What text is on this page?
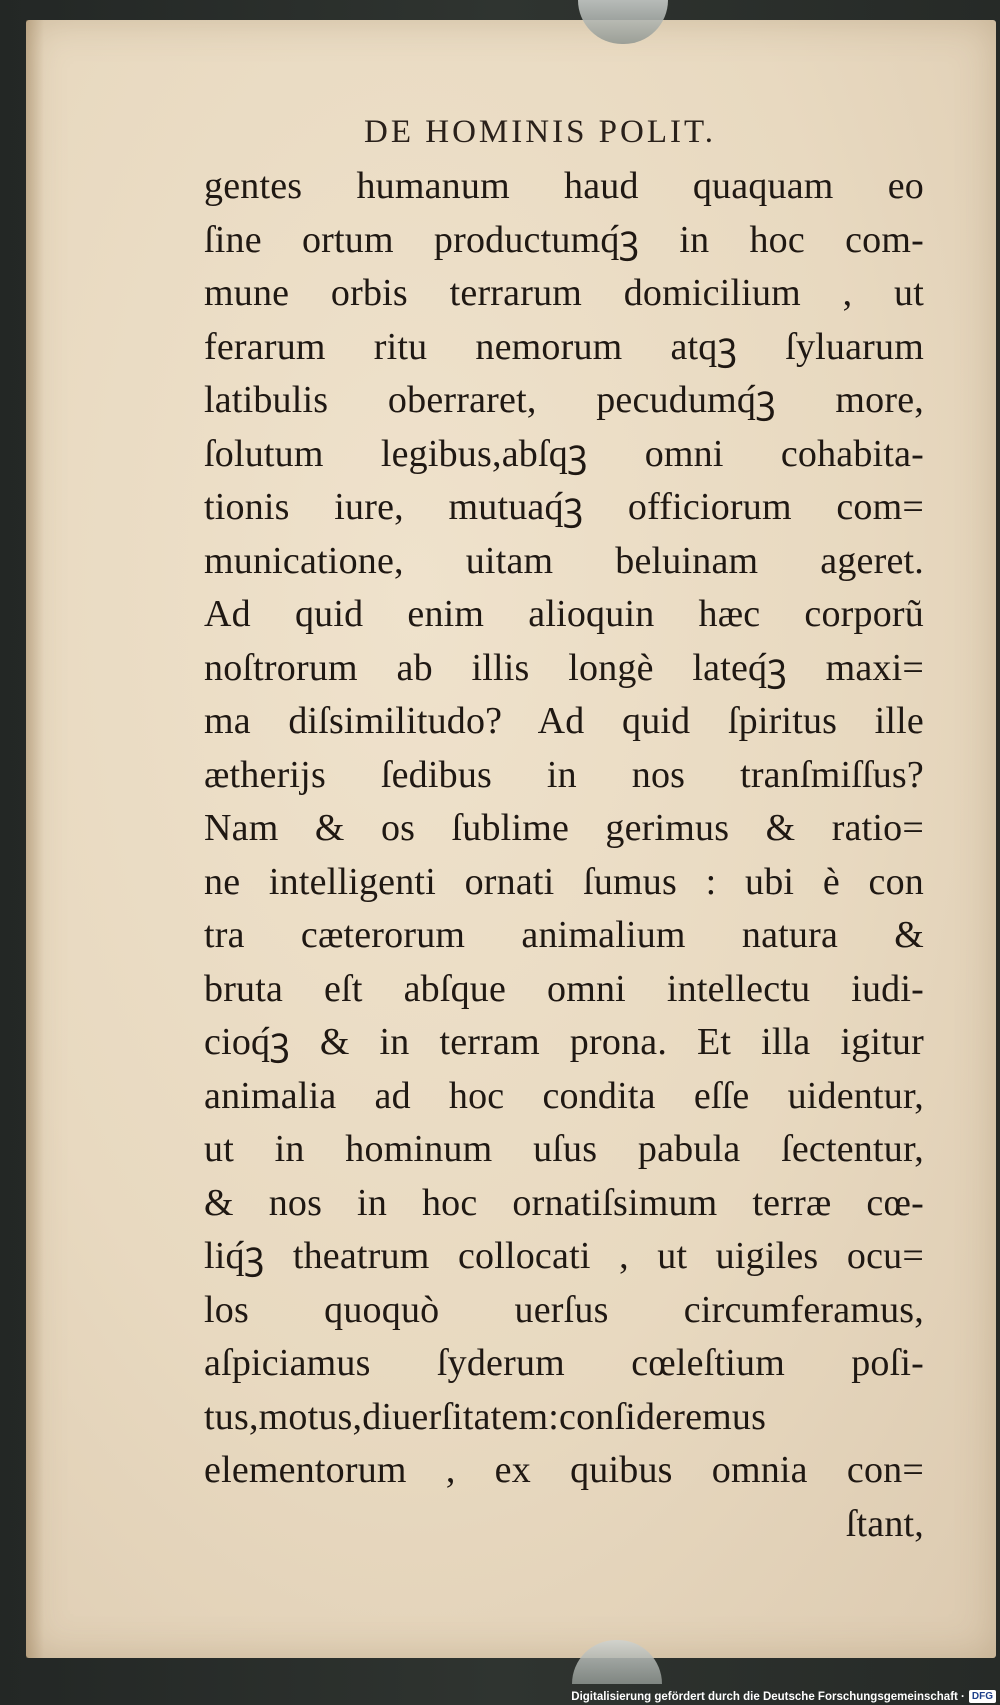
DE HOMINIS POLIT.
gentes humanum haud quaquam eo
ſine ortum productumq́ꝫ in hoc com-
mune orbis terrarum domicilium , ut
ferarum ritu nemorum atqꝫ ſyluarum
latibulis oberraret, pecudumq́ꝫ more,
ſolutum legibus,abſqꝫ omni cohabita-
tionis iure, mutuaq́ꝫ officiorum com=
municatione, uitam beluinam ageret.
Ad quid enim alioquin hæc corporũ
noſtrorum ab illis longè lateq́ꝫ maxi=
ma diſsimilitudo? Ad quid ſpiritus ille
ætherijs ſedibus in nos tranſmiſſus?
Nam & os ſublime gerimus & ratio=
ne intelligenti ornati ſumus : ubi è con
tra cæterorum animalium natura &
bruta eſt abſque omni intellectu iudi-
cioq́ꝫ & in terram prona. Et illa igitur
animalia ad hoc condita eſſe uidentur,
ut in hominum uſus pabula ſectentur,
& nos in hoc ornatiſsimum terræ cœ-
liq́ꝫ theatrum collocati , ut uigiles ocu=
los quoquò uerſus circumferamus,
aſpiciamus ſyderum cœleſtium poſi-
tus,motus,diuerſitatem:conſideremus
elementorum , ex quibus omnia con=
ſtant,
Digitalisierung gefördert durch die Deutsche Forschungsgemeinschaft · DFG
